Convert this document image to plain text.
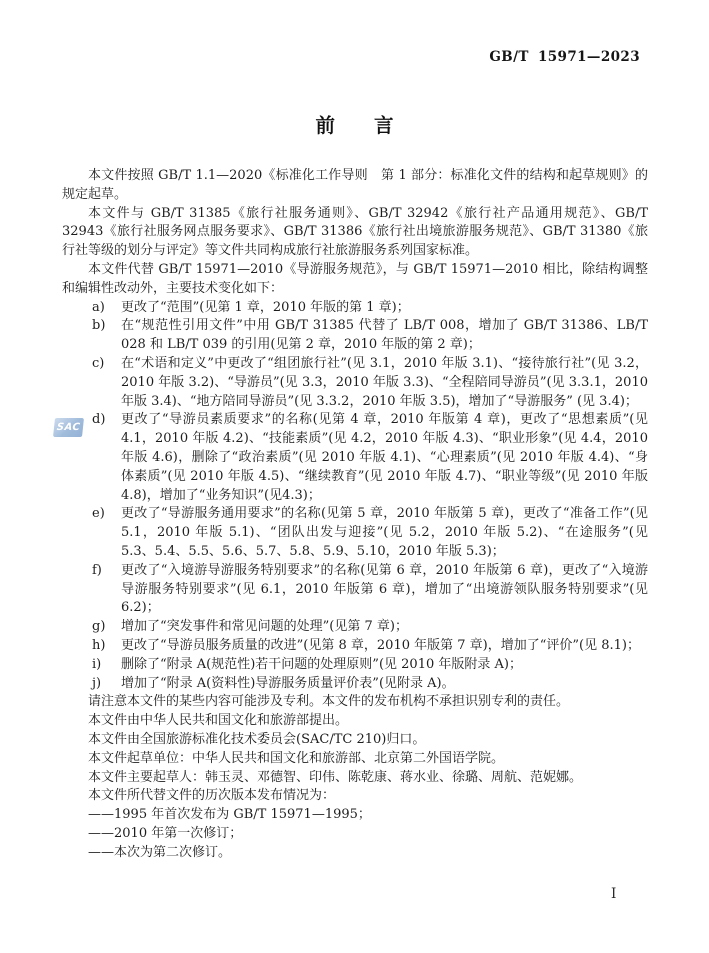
GB/T 15971—2023
SAC
前　　言

本文件按照 GB/T 1.1—2020《标准化工作导则　第 1 部分：标准化文件的结构和起草规则》的规定起草。

本文件与 GB/T 31385《旅行社服务通则》、GB/T 32942《旅行社产品通用规范》、GB/T 32943《旅行社服务网点服务要求》、GB/T 31386《旅行社出境旅游服务规范》、GB/T 31380《旅行社等级的划分与评定》等文件共同构成旅行社旅游服务系列国家标准。

本文件代替 GB/T 15971—2010《导游服务规范》，与 GB/T 15971—2010 相比，除结构调整和编辑性改动外，主要技术变化如下：

a) 更改了“范围”(见第 1 章，2010 年版的第 1 章)；
b) 在“规范性引用文件”中用 GB/T 31385 代替了 LB/T 008，增加了 GB/T 31386、LB/T 028 和 LB/T 039 的引用(见第 2 章，2010 年版的第 2 章)；
c) 在“术语和定义”中更改了“组团旅行社”(见 3.1，2010 年版 3.1)、“接待旅行社”(见 3.2，2010 年版 3.2)、“导游员”(见 3.3，2010 年版 3.3)、“全程陪同导游员”(见 3.3.1，2010 年版 3.4)、“地方陪同导游员”(见 3.3.2，2010 年版 3.5)，增加了“导游服务” (见 3.4)；
d) 更改了“导游员素质要求”的名称(见第 4 章，2010 年版第 4 章)，更改了“思想素质”(见 4.1，2010 年版 4.2)、“技能素质”(见 4.2，2010 年版 4.3)、“职业形象”(见 4.4，2010 年版 4.6)，删除了“政治素质”(见 2010 年版 4.1)、“心理素质”(见 2010 年版 4.4)、“身体素质”(见 2010 年版 4.5)、“继续教育”(见 2010 年版 4.7)、“职业等级”(见 2010 年版 4.8)，增加了“业务知识”(见4.3)；
e) 更改了“导游服务通用要求”的名称(见第 5 章，2010 年版第 5 章)，更改了“准备工作”(见 5.1，2010 年版 5.1)、“团队出发与迎接”(见 5.2，2010 年版 5.2)、“在途服务”(见 5.3、5.4、5.5、5.6、5.7、5.8、5.9、5.10，2010 年版 5.3)；
f) 更改了“入境游导游服务特别要求”的名称(见第 6 章，2010 年版第 6 章)，更改了“入境游导游服务特别要求”(见 6.1，2010 年版第 6 章)，增加了“出境游领队服务特别要求”(见 6.2)；
g) 增加了“突发事件和常见问题的处理”(见第 7 章)；
h) 更改了“导游员服务质量的改进”(见第 8 章，2010 年版第 7 章)，增加了“评价”(见 8.1)；
i) 删除了“附录 A(规范性)若干问题的处理原则”(见 2010 年版附录 A)；
j) 增加了“附录 A(资料性)导游服务质量评价表”(见附录 A)。

请注意本文件的某些内容可能涉及专利。本文件的发布机构不承担识别专利的责任。

本文件由中华人民共和国文化和旅游部提出。

本文件由全国旅游标准化技术委员会(SAC/TC 210)归口。

本文件起草单位：中华人民共和国文化和旅游部、北京第二外国语学院。

本文件主要起草人：韩玉灵、邓德智、印伟、陈乾康、蒋水业、徐璐、周航、范妮娜。

本文件所代替文件的历次版本发布情况为：

——1995 年首次发布为 GB/T 15971—1995；

——2010 年第一次修订；

——本次为第二次修订。

Ⅰ
